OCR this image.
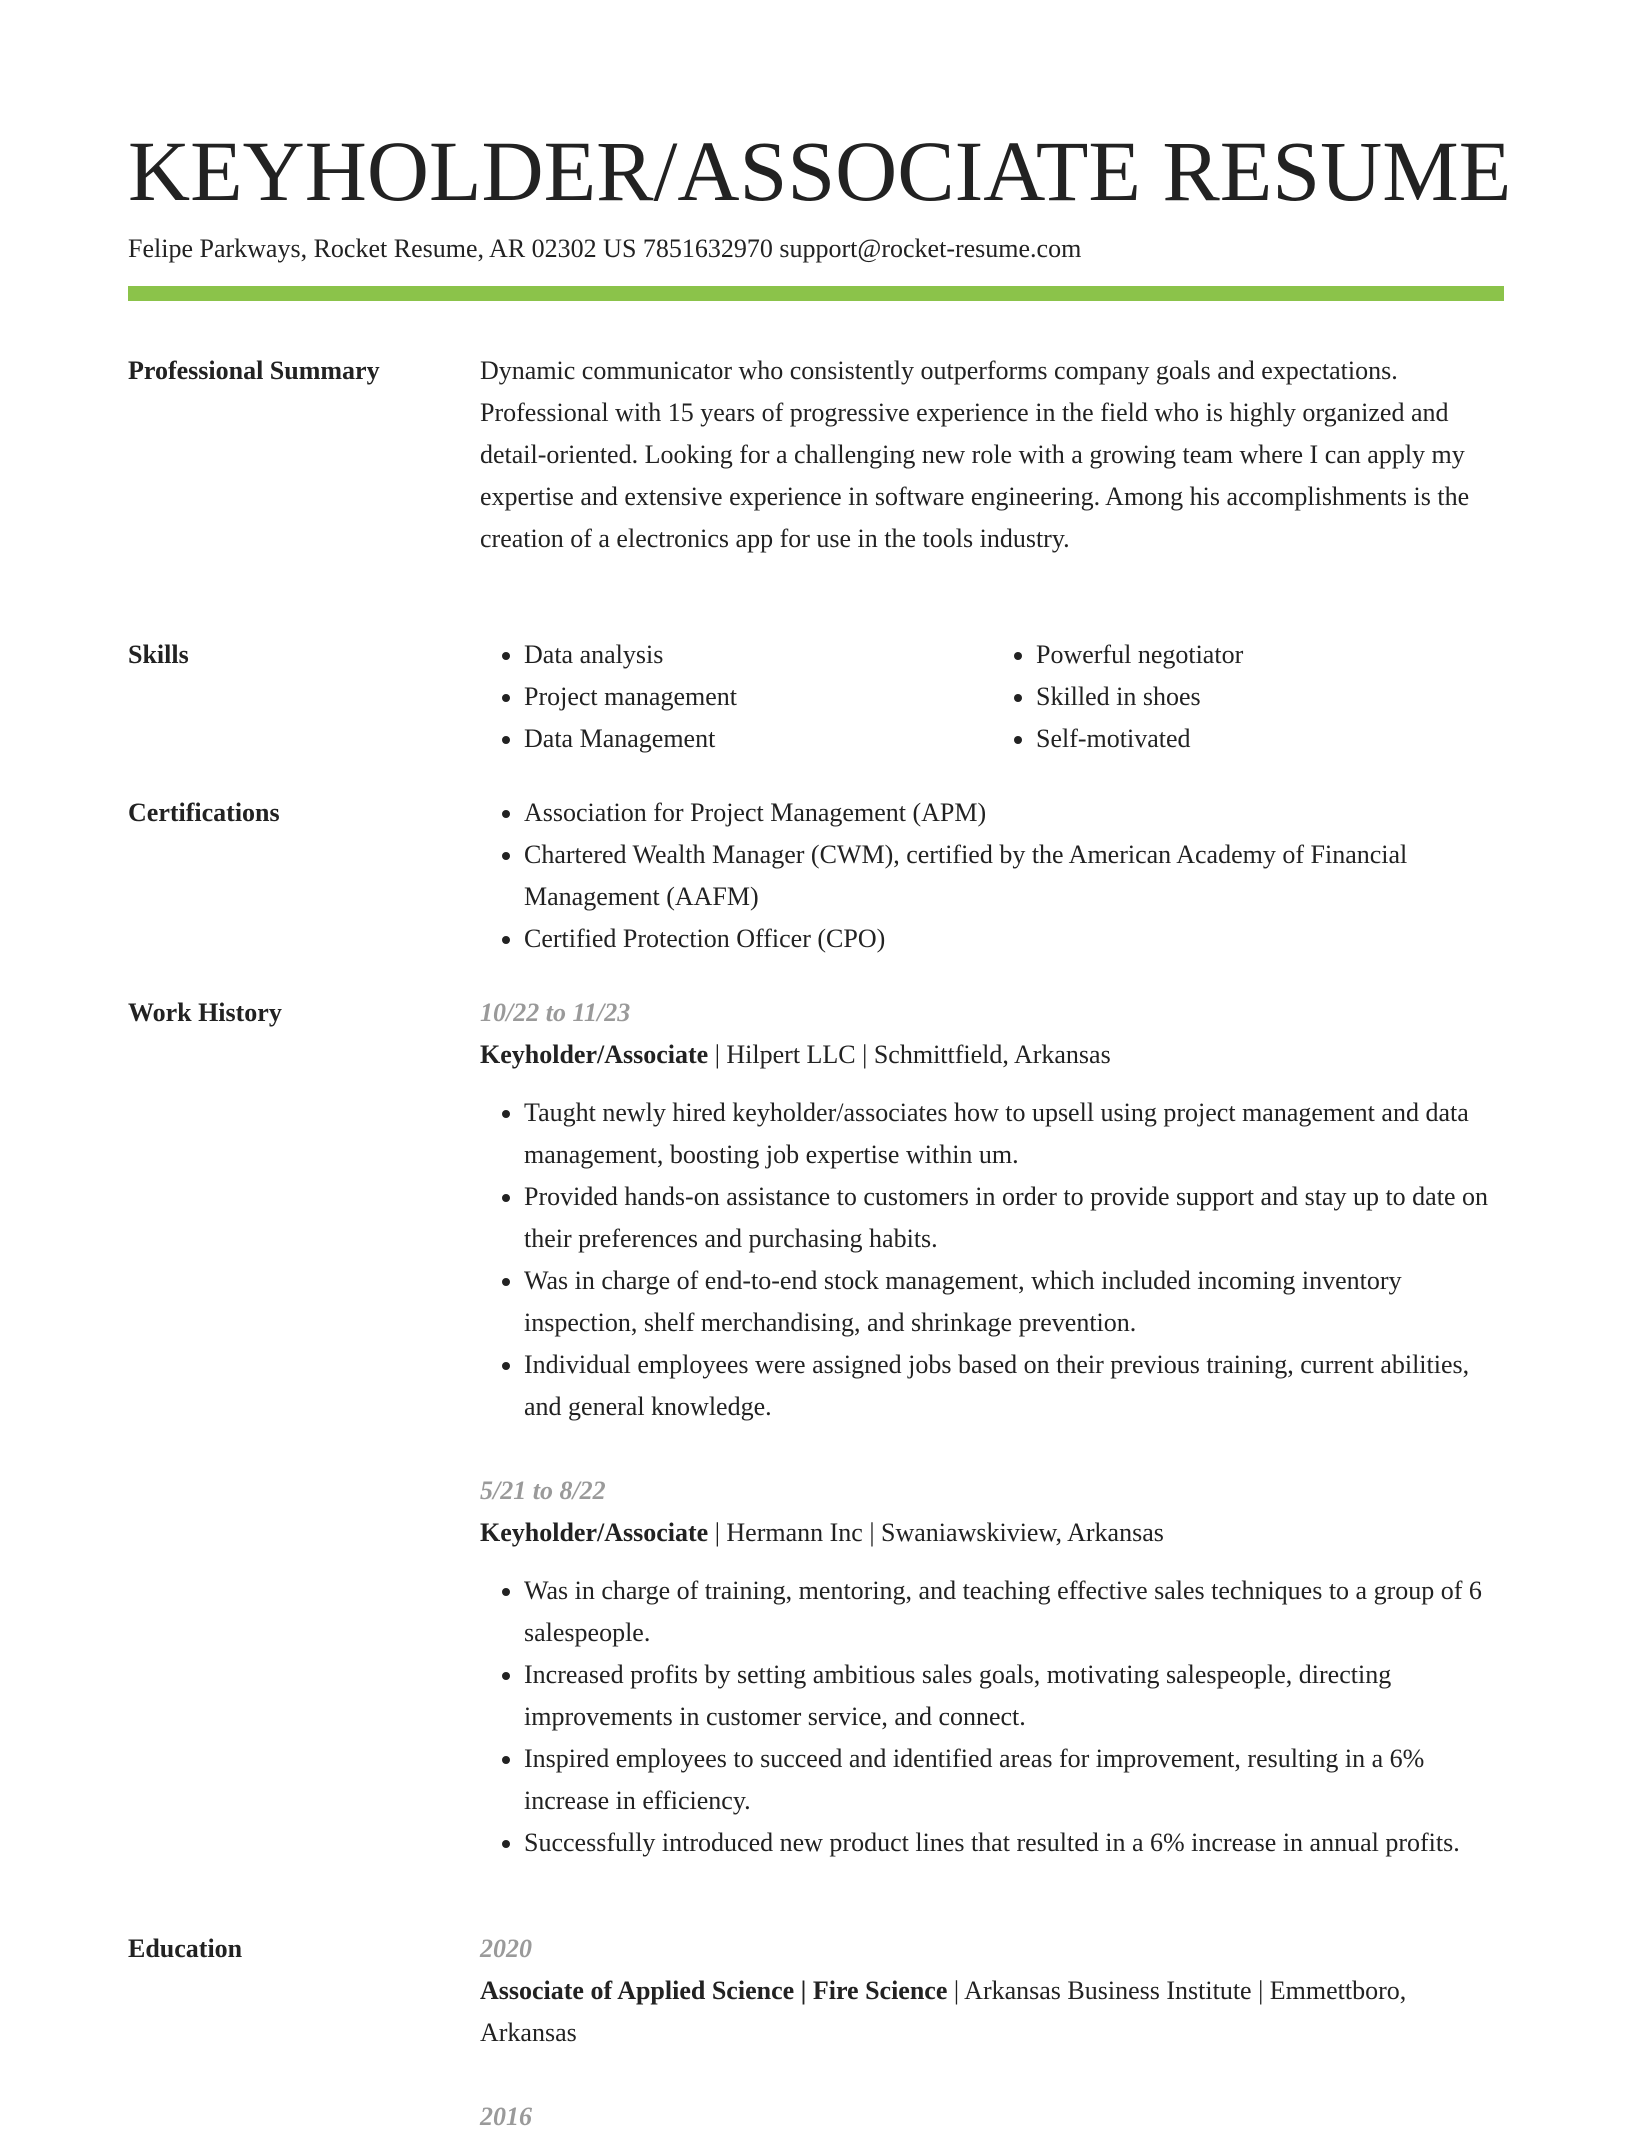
KEYHOLDER/ASSOCIATE RESUME
Felipe Parkways, Rocket Resume, AR 02302 US 7851632970 support@rocket-resume.com
Professional Summary	Dynamic communicator who consistently outperforms company goals and expectations. Professional with 15 years of progressive experience in the field who is highly organized and detail-oriented. Looking for a challenging new role with a growing team where I can apply my expertise and extensive experience in software engineering. Among his accomplishments is the creation of a electronics app for use in the tools industry.

Skills	• Data analysis
• Project management
• Data Management
• Powerful negotiator
• Skilled in shoes
• Self-motivated
Certifications	• Association for Project Management (APM)
• Chartered Wealth Manager (CWM), certified by the American Academy of Financial Management (AAFM)
• Certified Protection Officer (CPO)
Work History	10/22 to 11/23
Keyholder/Associate | Hilpert LLC | Schmittfield, Arkansas
• Taught newly hired keyholder/associates how to upsell using project management and data management, boosting job expertise within um.
• Provided hands-on assistance to customers in order to provide support and stay up to date on their preferences and purchasing habits.
• Was in charge of end-to-end stock management, which included incoming inventory inspection, shelf merchandising, and shrinkage prevention.
• Individual employees were assigned jobs based on their previous training, current abilities, and general knowledge.
5/21 to 8/22
Keyholder/Associate | Hermann Inc | Swaniawskiview, Arkansas
• Was in charge of training, mentoring, and teaching effective sales techniques to a group of 6 salespeople.
• Increased profits by setting ambitious sales goals, motivating salespeople, directing improvements in customer service, and connect.
• Inspired employees to succeed and identified areas for improvement, resulting in a 6% increase in efficiency.
• Successfully introduced new product lines that resulted in a 6% increase in annual profits.
Education	2020
Associate of Applied Science | Fire Science | Arkansas Business Institute | Emmettboro, Arkansas
2016
